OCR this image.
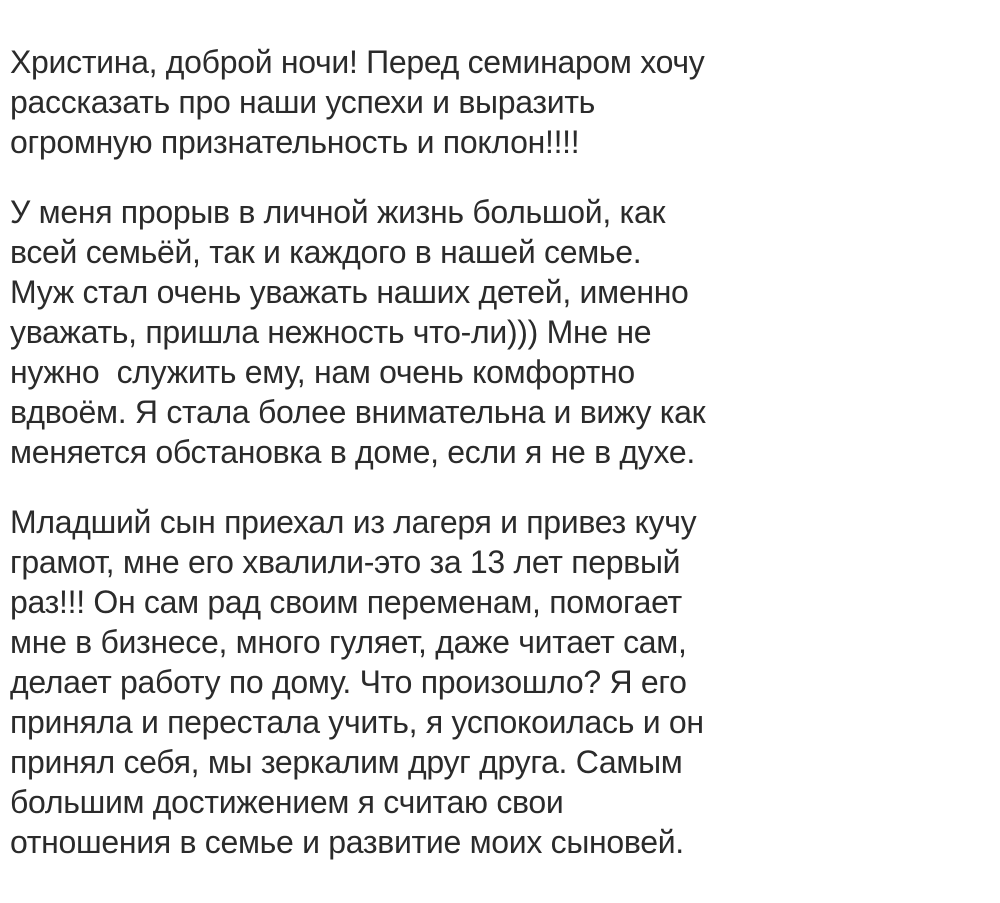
Христина, доброй ночи! Перед семинаром хочу
рассказать про наши успехи и выразить
огромную признательность и поклон!!!!

У меня прорыв в личной жизнь большой, как
всей семьёй, так и каждого в нашей семье.
Муж стал очень уважать наших детей, именно
уважать, пришла нежность что-ли))) Мне не
нужно  служить ему, нам очень комфортно
вдвоём. Я стала более внимательна и вижу как
меняется обстановка в доме, если я не в духе.

Младший сын приехал из лагеря и привез кучу
грамот, мне его хвалили-это за 13 лет первый
раз!!! Он сам рад своим переменам, помогает
мне в бизнесе, много гуляет, даже читает сам,
делает работу по дому. Что произошло? Я его
приняла и перестала учить, я успокоилась и он
принял себя, мы зеркалим друг друга. Самым
большим достижением я считаю свои
отношения в семье и развитие моих сыновей.
